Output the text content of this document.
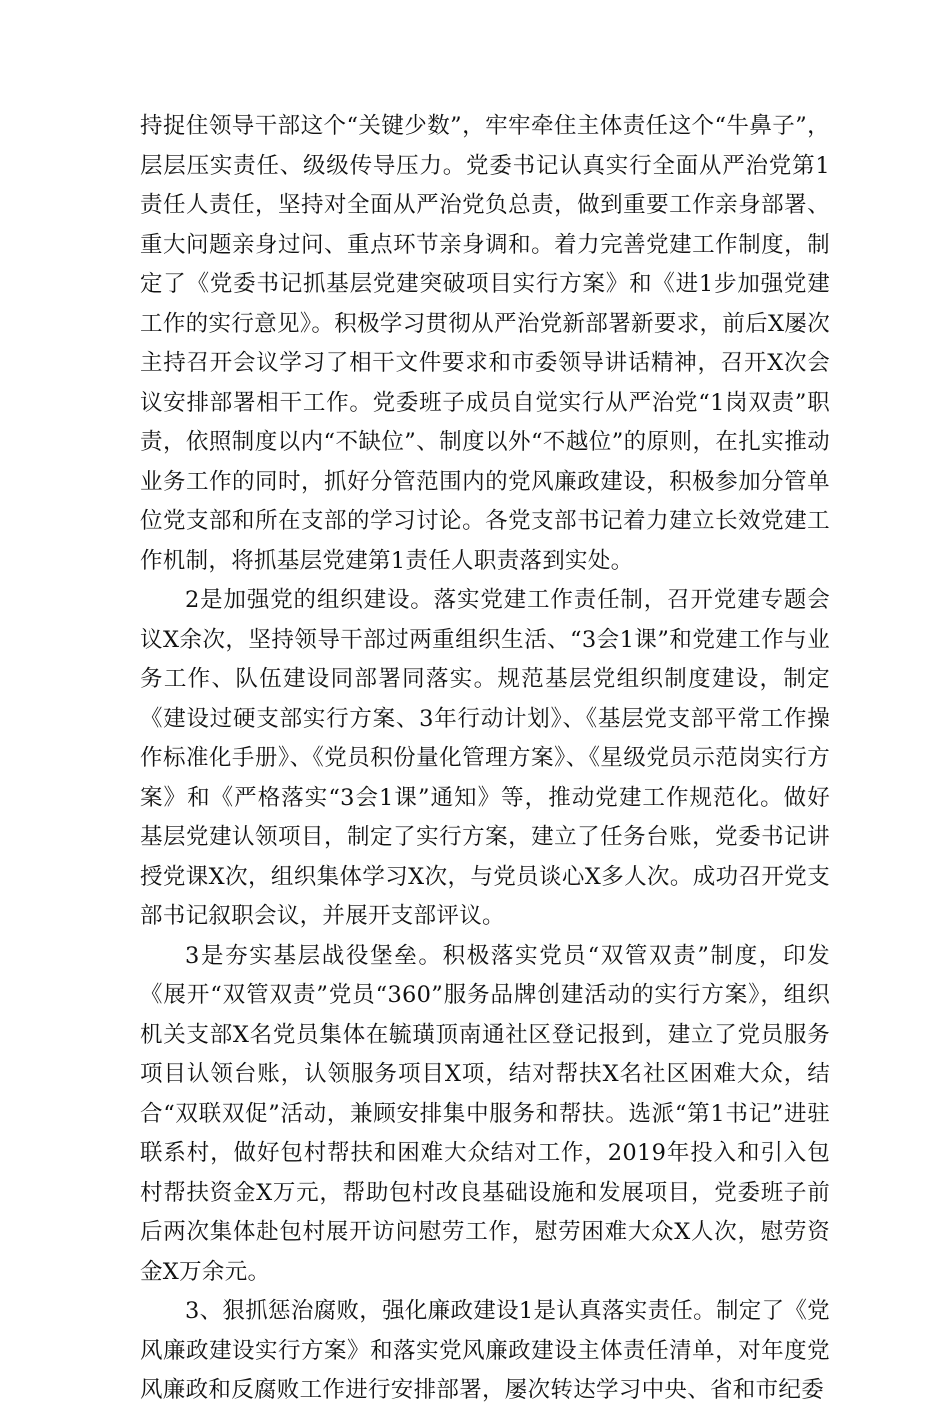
持捉住领导干部这个“关键少数”，牢牢牵住主体责任这个“牛鼻子”，层层压实责任、级级传导压力。党委书记认真实行全面从严治党第1责任人责任，坚持对全面从严治党负总责，做到重要工作亲身部署、重大问题亲身过问、重点环节亲身调和。着力完善党建工作制度，制定了《党委书记抓基层党建突破项目实行方案》和《进1步加强党建工作的实行意见》。积极学习贯彻从严治党新部署新要求，前后X屡次主持召开会议学习了相干文件要求和市委领导讲话精神，召开X次会议安排部署相干工作。党委班子成员自觉实行从严治党“1岗双责”职责，依照制度以内“不缺位”、制度以外“不越位”的原则，在扎实推动业务工作的同时，抓好分管范围内的党风廉政建设，积极参加分管单位党支部和所在支部的学习讨论。各党支部书记着力建立长效党建工作机制，将抓基层党建第1责任人职责落到实处。

2是加强党的组织建设。落实党建工作责任制，召开党建专题会议X余次，坚持领导干部过两重组织生活、“3会1课”和党建工作与业务工作、队伍建设同部署同落实。规范基层党组织制度建设，制定《建设过硬支部实行方案、3年行动计划》、《基层党支部平常工作操作标准化手册》、《党员积份量化管理方案》、《星级党员示范岗实行方案》和《严格落实“3会1课”通知》等，推动党建工作规范化。做好基层党建认领项目，制定了实行方案，建立了任务台账，党委书记讲授党课X次，组织集体学习X次，与党员谈心X多人次。成功召开党支部书记叙职会议，并展开支部评议。

3是夯实基层战役堡垒。积极落实党员“双管双责”制度，印发《展开“双管双责”党员“360”服务品牌创建活动的实行方案》，组织机关支部X名党员集体在毓璜顶南通社区登记报到，建立了党员服务项目认领台账，认领服务项目X项，结对帮扶X名社区困难大众，结合“双联双促”活动，兼顾安排集中服务和帮扶。选派“第1书记”进驻联系村，做好包村帮扶和困难大众结对工作，2019年投入和引入包村帮扶资金X万元，帮助包村改良基础设施和发展项目，党委班子前后两次集体赴包村展开访问慰劳工作，慰劳困难大众X人次，慰劳资金X万余元。

3、狠抓惩治腐败，强化廉政建设1是认真落实责任。制定了《党风廉政建设实行方案》和落实党风廉政建设主体责任清单，对年度党风廉政和反腐败工作进行安排部署，屡次转达学习中央、省和市纪委
